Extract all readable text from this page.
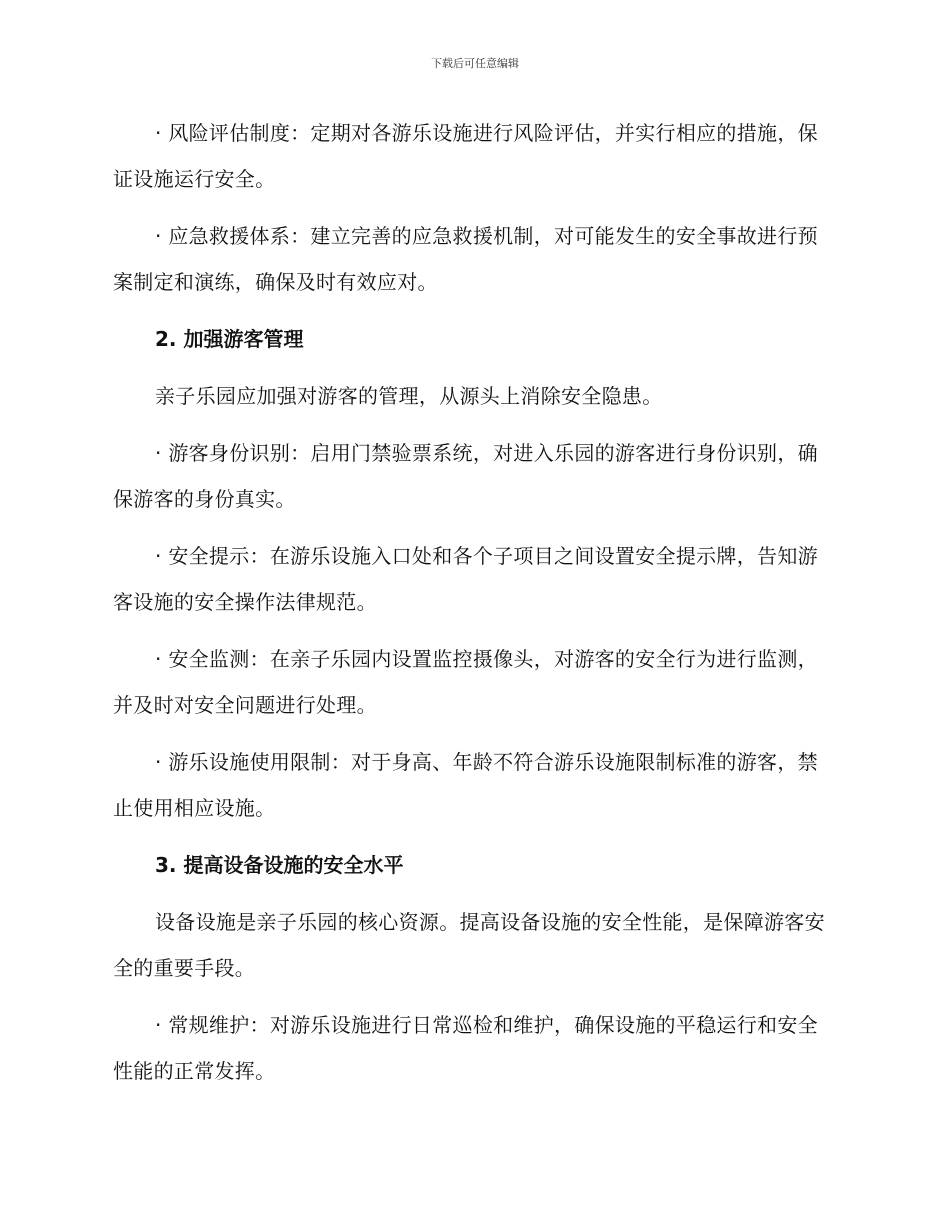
下载后可任意编辑

· 风险评估制度：定期对各游乐设施进行风险评估，并实行相应的措施，保证设施运行安全。

· 应急救援体系：建立完善的应急救援机制，对可能发生的安全事故进行预案制定和演练，确保及时有效应对。

2. 加强游客管理

亲子乐园应加强对游客的管理，从源头上消除安全隐患。

· 游客身份识别：启用门禁验票系统，对进入乐园的游客进行身份识别，确保游客的身份真实。

· 安全提示：在游乐设施入口处和各个子项目之间设置安全提示牌，告知游客设施的安全操作法律规范。

· 安全监测：在亲子乐园内设置监控摄像头，对游客的安全行为进行监测，并及时对安全问题进行处理。

· 游乐设施使用限制：对于身高、年龄不符合游乐设施限制标准的游客，禁止使用相应设施。

3. 提高设备设施的安全水平

设备设施是亲子乐园的核心资源。提高设备设施的安全性能，是保障游客安全的重要手段。

· 常规维护：对游乐设施进行日常巡检和维护，确保设施的平稳运行和安全性能的正常发挥。
